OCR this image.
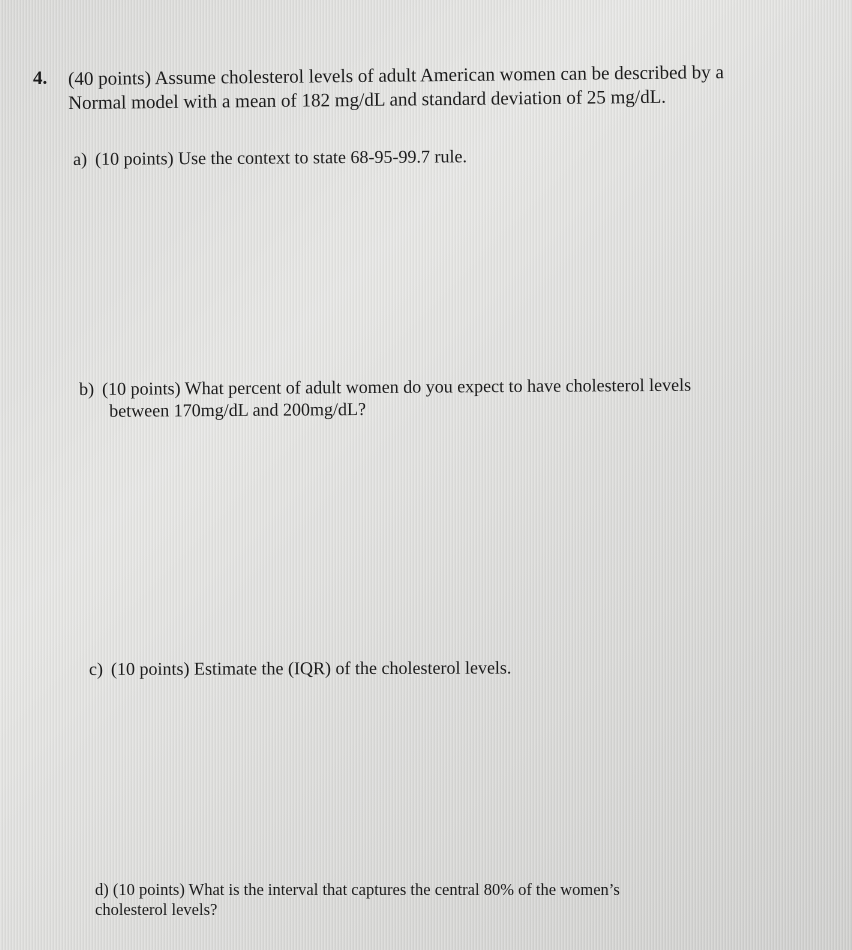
4. (40 points) Assume cholesterol levels of adult American women can be described by a
Normal model with a mean of 182 mg/dL and standard deviation of 25 mg/dL.
a) (10 points) Use the context to state 68-95-99.7 rule.
b) (10 points) What percent of adult women do you expect to have cholesterol levels
between 170mg/dL and 200mg/dL?
c) (10 points) Estimate the (IQR) of the cholesterol levels.
d) (10 points) What is the interval that captures the central 80% of the women’s
cholesterol levels?
